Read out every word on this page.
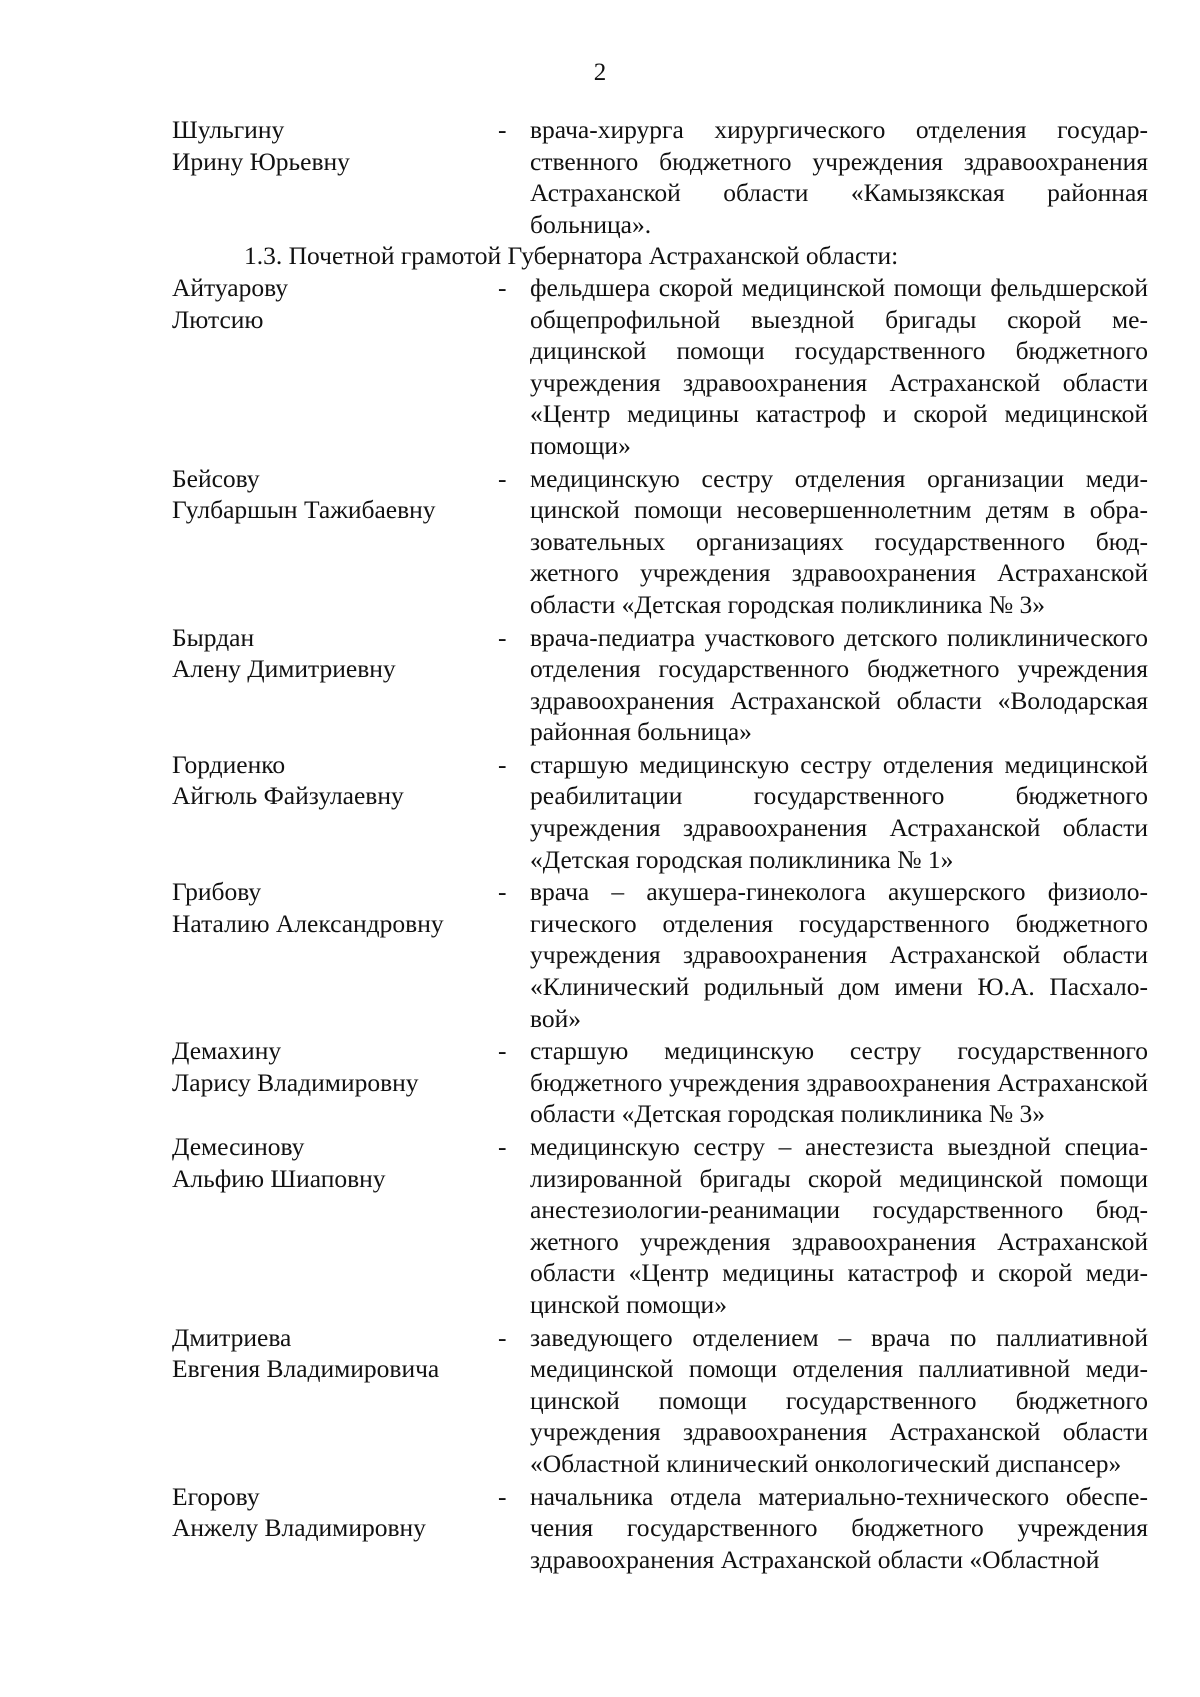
2
Шульгину
Ирину Юрьевну
- врача-хирурга хирургического отделения государственного бюджетного учреждения здравоохранения Астраханской области «Камызякская районная больница».
1.3. Почетной грамотой Губернатора Астраханской области:
Айтуарову
Лютсию
- фельдшера скорой медицинской помощи фельдшерской общепрофильной выездной бригады скорой медицинской помощи государственного бюджетного учреждения здравоохранения Астраханской области «Центр медицины катастроф и скорой медицинской помощи»
Бейсову
Гулбаршын Тажибаевну
- медицинскую сестру отделения организации медицинской помощи несовершеннолетним детям в образовательных организациях государственного бюджетного учреждения здравоохранения Астраханской области «Детская городская поликлиника № 3»
Бырдан
Алену Димитриевну
- врача-педиатра участкового детского поликлинического отделения государственного бюджетного учреждения здравоохранения Астраханской области «Володарская районная больница»
Гордиенко
Айгюль Файзулаевну
- старшую медицинскую сестру отделения медицинской реабилитации государственного бюджетного учреждения здравоохранения Астраханской области «Детская городская поликлиника № 1»
Грибову
Наталию Александровну
- врача – акушера-гинеколога акушерского физиологического отделения государственного бюджетного учреждения здравоохранения Астраханской области «Клинический родильный дом имени Ю.А. Пасхаловой»
Демахину
Ларису Владимировну
- старшую медицинскую сестру государственного бюджетного учреждения здравоохранения Астраханской области «Детская городская поликлиника № 3»
Демесинову
Альфию Шиаповну
- медицинскую сестру – анестезиста выездной специализированной бригады скорой медицинской помощи анестезиологии-реанимации государственного бюджетного учреждения здравоохранения Астраханской области «Центр медицины катастроф и скорой медицинской помощи»
Дмитриева
Евгения Владимировича
- заведующего отделением – врача по паллиативной медицинской помощи отделения паллиативной медицинской помощи государственного бюджетного учреждения здравоохранения Астраханской области «Областной клинический онкологический диспансер»
Егорову
Анжелу Владимировну
- начальника отдела материально-технического обеспечения государственного бюджетного учреждения здравоохранения Астраханской области «Областной
